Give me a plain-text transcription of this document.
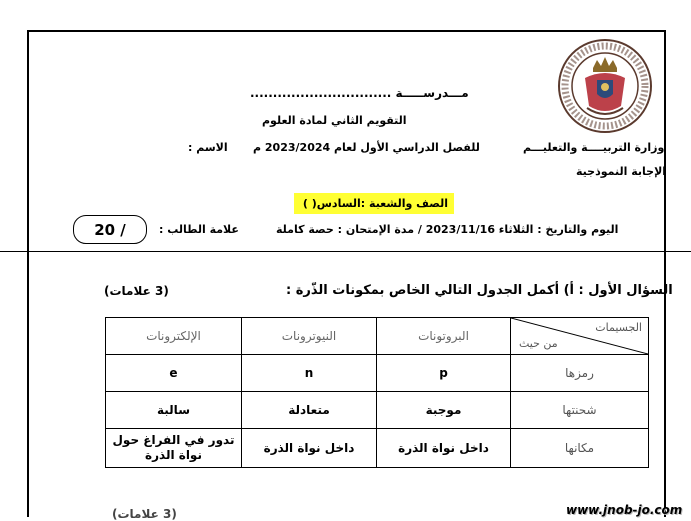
مـــدرســـــة ...............................
التقويم الثاني لمادة العلوم
وزارة التربيــــة والتعليـــم
للفصل الدراسي الأول لعام 2023/2024 م
الاسم :
الإجابة النموذجية
الصف والشعبة :السادس( )
اليوم والتاريخ : الثلاثاء 2023/11/16 / مدة الإمتحان : حصة كاملة
علامة الطالب :
20 /
السؤال الأول : أ) أكمل الجدول التالي الخاص بمكونات الذّرة :
(3 علامات)
الجسيمات
من حيث	البروتونات	النيوترونات	الإلكترونات
رمزها	p	n	e
شحنتها	موجبة	متعادلة	سالبة
مكانها	داخل نواة الذرة	داخل نواة الذرة	تدور في الفراغ حول نواة الذرة
(3 علامات)	www.jnob-jo.com
